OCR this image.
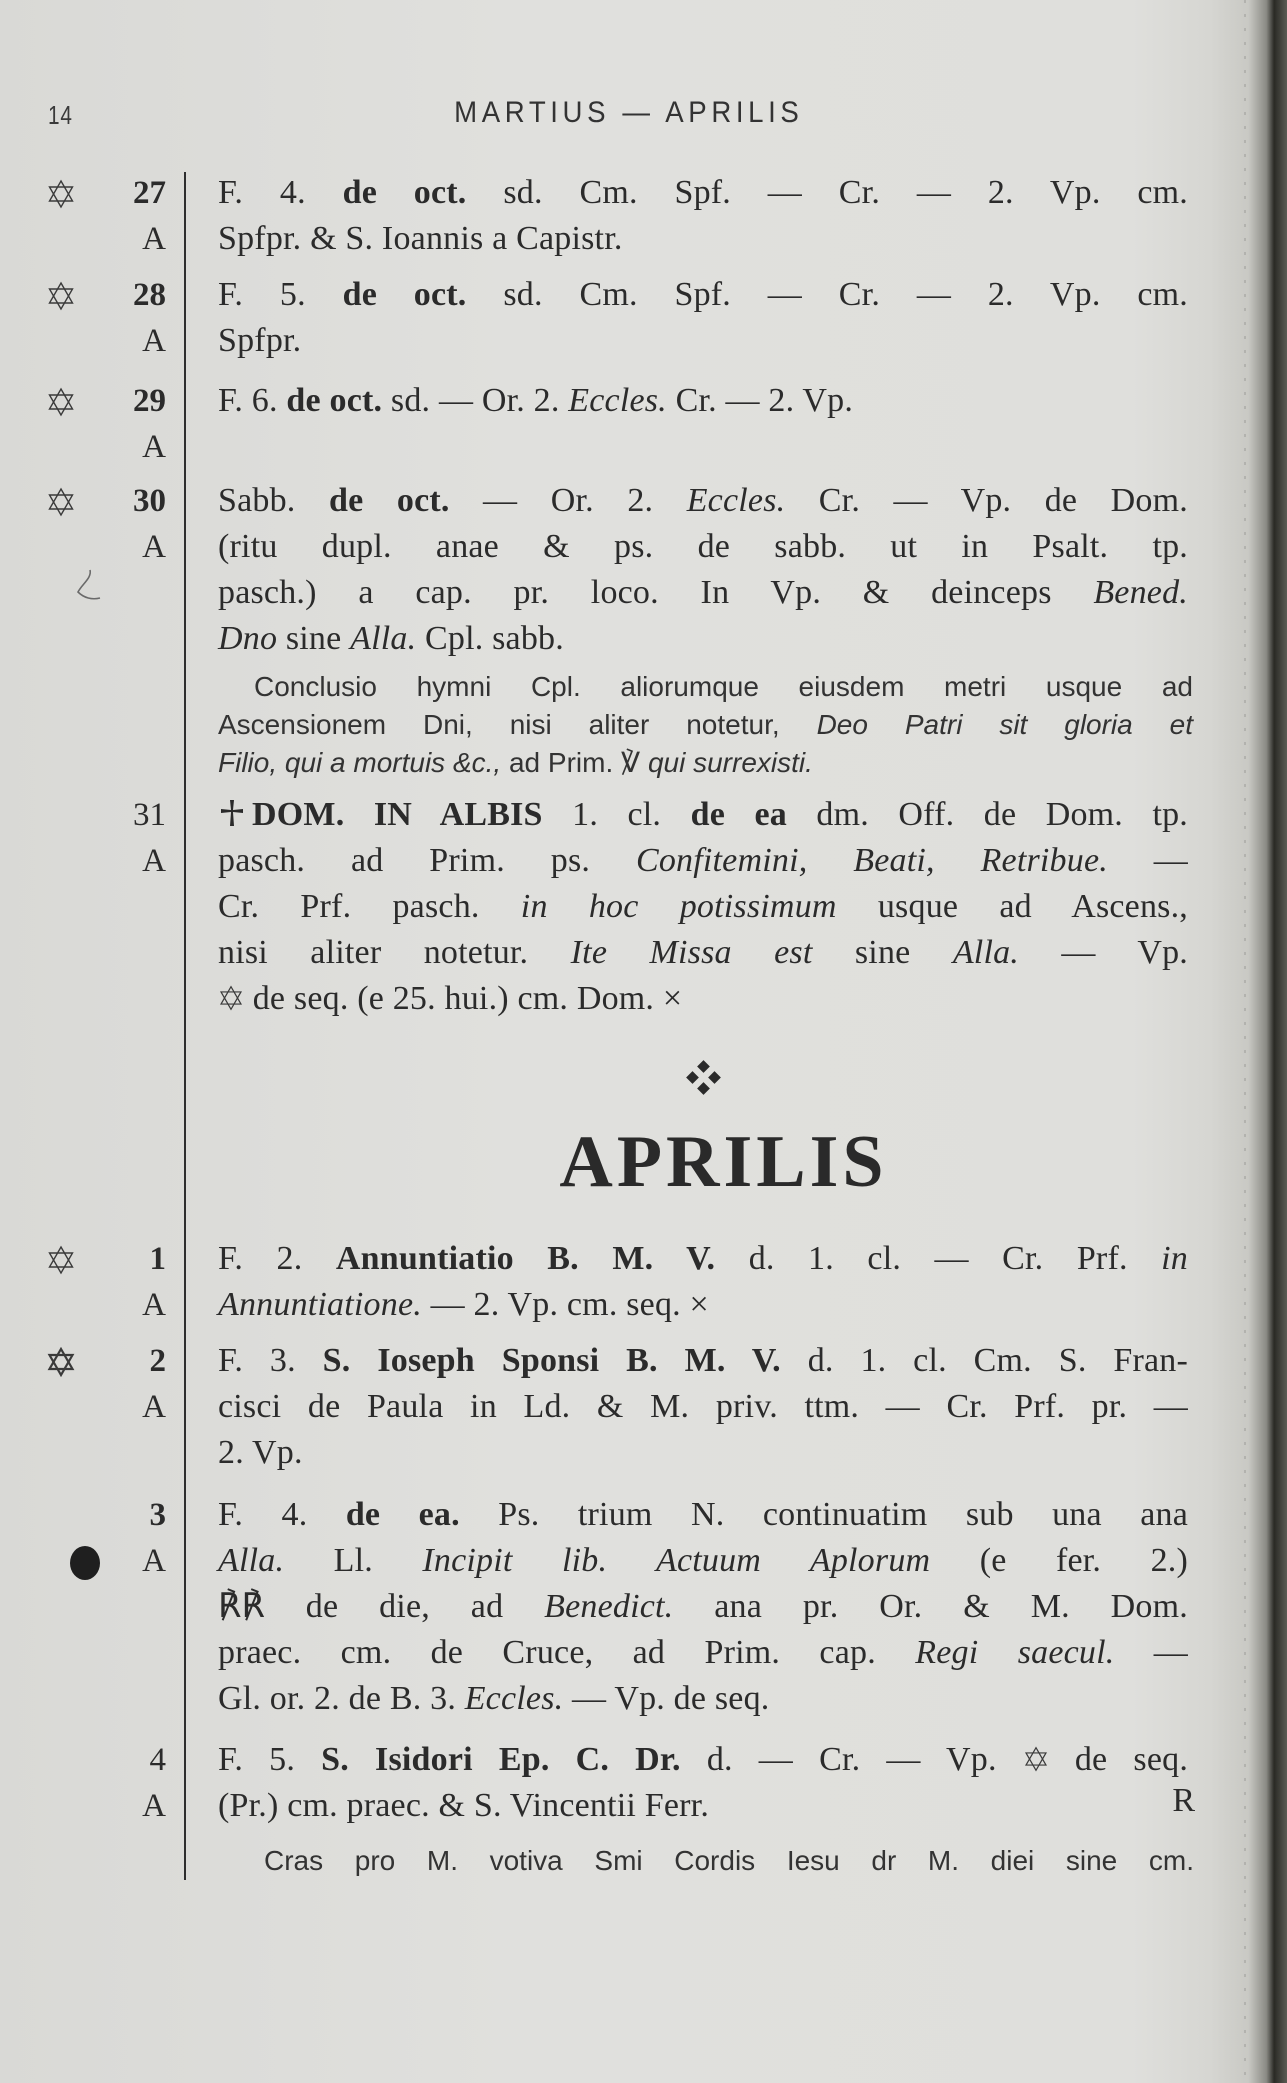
14	MARTIUS — APRILIS
27
A
F. 4. de oct. sd. Cm. Spf. — Cr. — 2. Vp. cm.
Spfpr. & S. Ioannis a Capistr.
28
A
F. 5. de oct. sd. Cm. Spf. — Cr. — 2. Vp. cm.
Spfpr.
29
A
F. 6. de oct. sd. — Or. 2. Eccles. Cr. — 2. Vp.
30
A
Sabb. de oct. — Or. 2. Eccles. Cr. — Vp. de Dom.
(ritu dupl. anae & ps. de sabb. ut in Psalt. tp.
pasch.) a cap. pr. loco. In Vp. & deinceps Bened.
Dno sine Alla. Cpl. sabb.
Conclusio hymni Cpl. aliorumque eiusdem metri usque ad
Ascensionem Dni, nisi aliter notetur, Deo Patri sit gloria et
Filio, qui a mortuis &c., ad Prim. ℣ qui surrexisti.
31
A
DOM. IN ALBIS 1. cl. de ea dm. Off. de Dom. tp.
pasch. ad Prim. ps. Confitemini, Beati, Retribue. —
Cr. Prf. pasch. in hoc potissimum usque ad Ascens.,
nisi aliter notetur. Ite Missa est sine Alla. — Vp.
de seq. (e 25. hui.) cm. Dom. ×
APRILIS
1
A
F. 2. Annuntiatio B. M. V. d. 1. cl. — Cr. Prf. in
Annuntiatione. — 2. Vp. cm. seq. ×
2
A
F. 3. S. Ioseph Sponsi B. M. V. d. 1. cl. Cm. S. Fran-
cisci de Paula in Ld. & M. priv. ttm. — Cr. Prf. pr. —
2. Vp.
3
A
F. 4. de ea. Ps. trium N. continuatim sub una ana
Alla. Ll. Incipit lib. Actuum Aplorum (e fer. 2.)
℟℟ de die, ad Benedict. ana pr. Or. & M. Dom.
praec. cm. de Cruce, ad Prim. cap. Regi saecul. —
Gl. or. 2. de B. 3. Eccles. — Vp. de seq.
4
A
F. 5. S. Isidori Ep. C. Dr. d. — Cr. — Vp.  de seq.
(Pr.) cm. praec. & S. Vincentii Ferr.	R
Cras pro M. votiva Smi Cordis Iesu dr M. diei sine cm.
